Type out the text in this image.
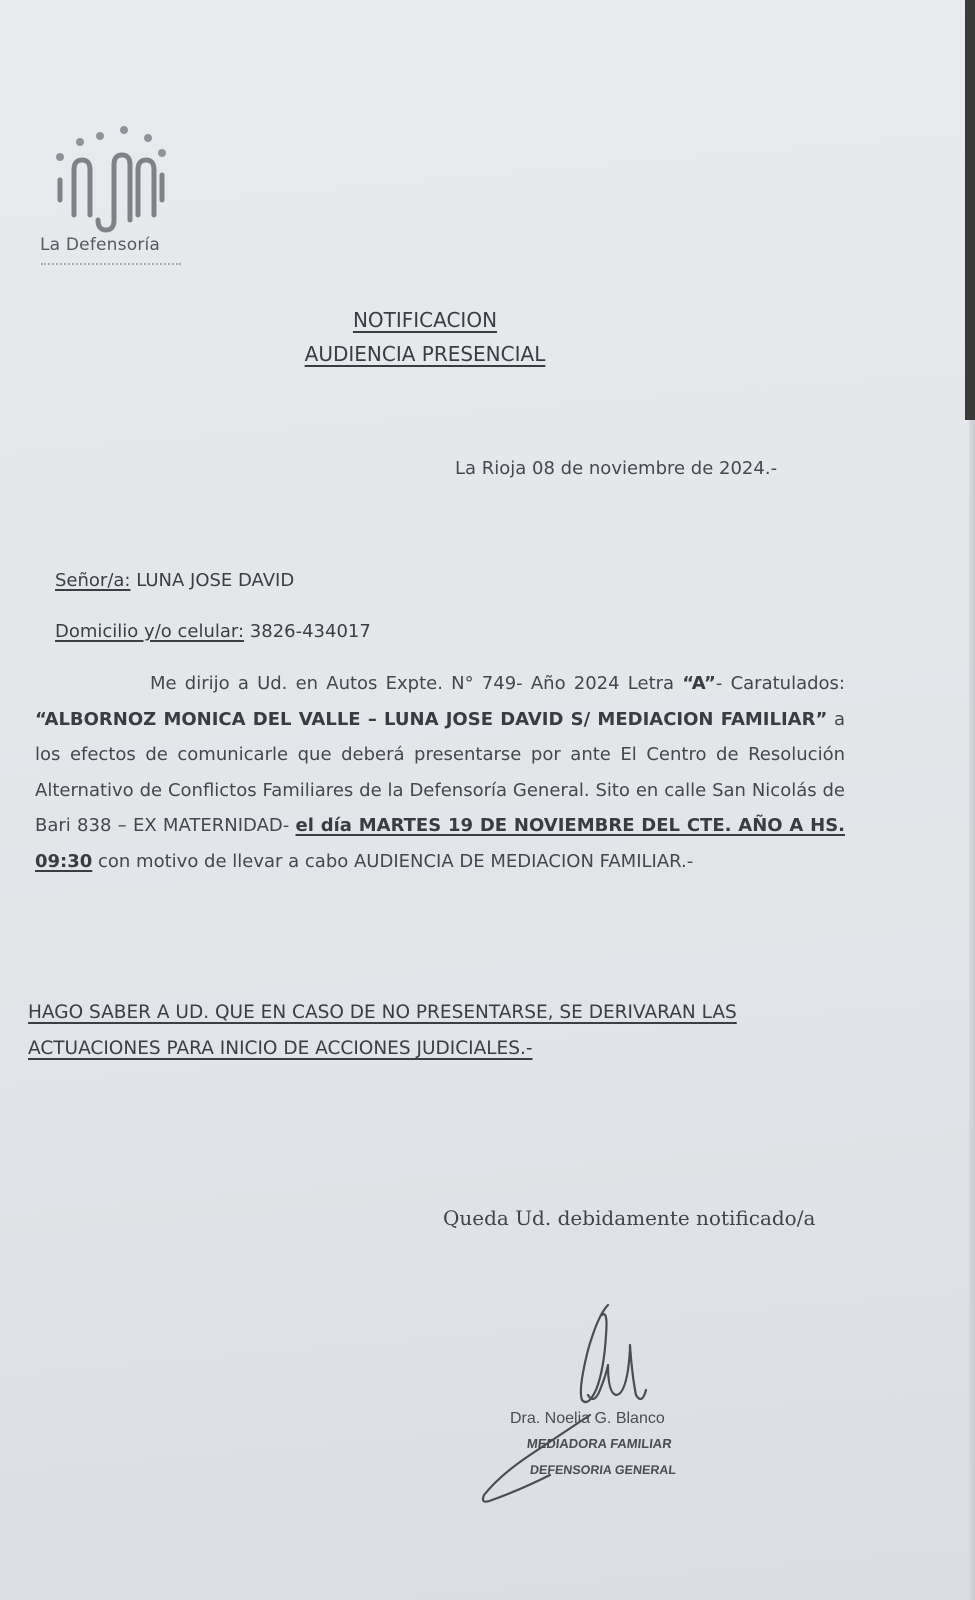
La Defensoría
NOTIFICACION
AUDIENCIA PRESENCIAL
La Rioja 08 de noviembre de 2024.-
Señor/a: LUNA JOSE DAVID
Domicilio y/o celular: 3826-434017
Me dirijo a Ud. en Autos Expte. N° 749- Año 2024 Letra “A”- Caratulados: “ALBORNOZ MONICA DEL VALLE – LUNA JOSE DAVID S/ MEDIACION FAMILIAR” a los efectos de comunicarle que deberá presentarse por ante El Centro de Resolución Alternativo de Conflictos Familiares de la Defensoría General. Sito en calle San Nicolás de Bari 838 – EX MATERNIDAD- el día MARTES 19 DE NOVIEMBRE DEL CTE. AÑO A HS. 09:30 con motivo de llevar a cabo AUDIENCIA DE MEDIACION FAMILIAR.-
HAGO SABER A UD. QUE EN CASO DE NO PRESENTARSE, SE DERIVARAN LAS ACTUACIONES PARA INICIO DE ACCIONES JUDICIALES.-
Queda Ud. debidamente notificado/a
Dra. Noelia G. Blanco
MEDIADORA FAMILIAR
DEFENSORIA GENERAL
